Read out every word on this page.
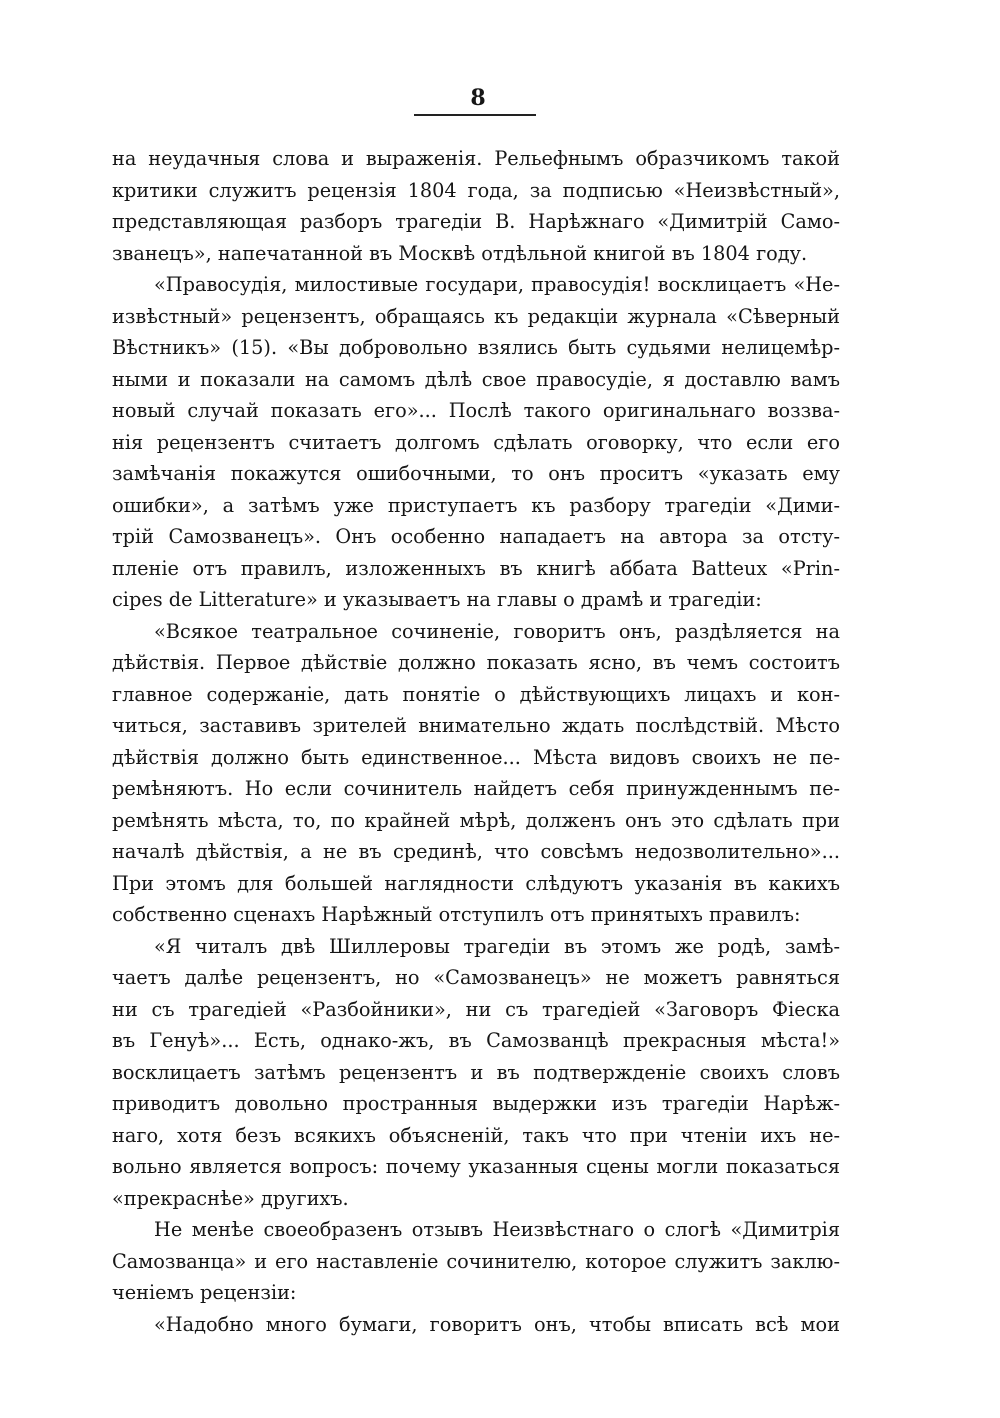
8
на неудачныя слова и выраженія. Рельефнымъ образчикомъ такой
критики служитъ рецензія 1804 года, за подписью «Неизвѣстный»,
представляющая разборъ трагедіи В. Нарѣжнаго «Димитрій Само-
званецъ», напечатанной въ Москвѣ отдѣльной книгой въ 1804 году.
«Правосудія, милостивые государи, правосудія! восклицаетъ «Не-
извѣстный» рецензентъ, обращаясь къ редакціи журнала «Сѣверный
Вѣстникъ» (15). «Вы добровольно взялись быть судьями нелицемѣр-
ными и показали на самомъ дѣлѣ свое правосудіе, я доставлю вамъ
новый случай показать его»... Послѣ такого оригинальнаго воззва-
нія рецензентъ считаетъ долгомъ сдѣлать оговорку, что если его
замѣчанія покажутся ошибочными, то онъ проситъ «указать ему
ошибки», а затѣмъ уже приступаетъ къ разбору трагедіи «Дими-
трій Самозванецъ». Онъ особенно нападаетъ на автора за отсту-
пленіе отъ правилъ, изложенныхъ въ книгѣ аббата Batteux «Prin-
cipes de Litterature» и указываетъ на главы о драмѣ и трагедіи:
«Всякое театральное сочиненіе, говоритъ онъ, раздѣляется на
дѣйствія. Первое дѣйствіе должно показать ясно, въ чемъ состоитъ
главное содержаніе, дать понятіе о дѣйствующихъ лицахъ и кон-
читься, заставивъ зрителей внимательно ждать послѣдствій. Мѣсто
дѣйствія должно быть единственное... Мѣста видовъ своихъ не пе-
ремѣняютъ. Но если сочинитель найдетъ себя принужденнымъ пе-
ремѣнять мѣста, то, по крайней мѣрѣ, долженъ онъ это сдѣлать при
началѣ дѣйствія, а не въ срединѣ, что совсѣмъ недозволительно»...
При этомъ для большей наглядности слѣдуютъ указанія въ какихъ
собственно сценахъ Нарѣжный отступилъ отъ принятыхъ правилъ:
«Я читалъ двѣ Шиллеровы трагедіи въ этомъ же родѣ, замѣ-
чаетъ далѣе рецензентъ, но «Самозванецъ» не можетъ равняться
ни съ трагедіей «Разбойники», ни съ трагедіей «Заговоръ Фіеска
въ Генуѣ»... Есть, однако-жъ, въ Самозванцѣ прекрасныя мѣста!»
восклицаетъ затѣмъ рецензентъ и въ подтвержденіе своихъ словъ
приводитъ довольно пространныя выдержки изъ трагедіи Нарѣж-
наго, хотя безъ всякихъ объясненій, такъ что при чтеніи ихъ не-
вольно является вопросъ: почему указанныя сцены могли показаться
«прекраснѣе» другихъ.
Не менѣе своеобразенъ отзывъ Неизвѣстнаго о слогѣ «Димитрія
Самозванца» и его наставленіе сочинителю, которое служитъ заклю-
ченіемъ рецензіи:
«Надобно много бумаги, говоритъ онъ, чтобы вписать всѣ мои
